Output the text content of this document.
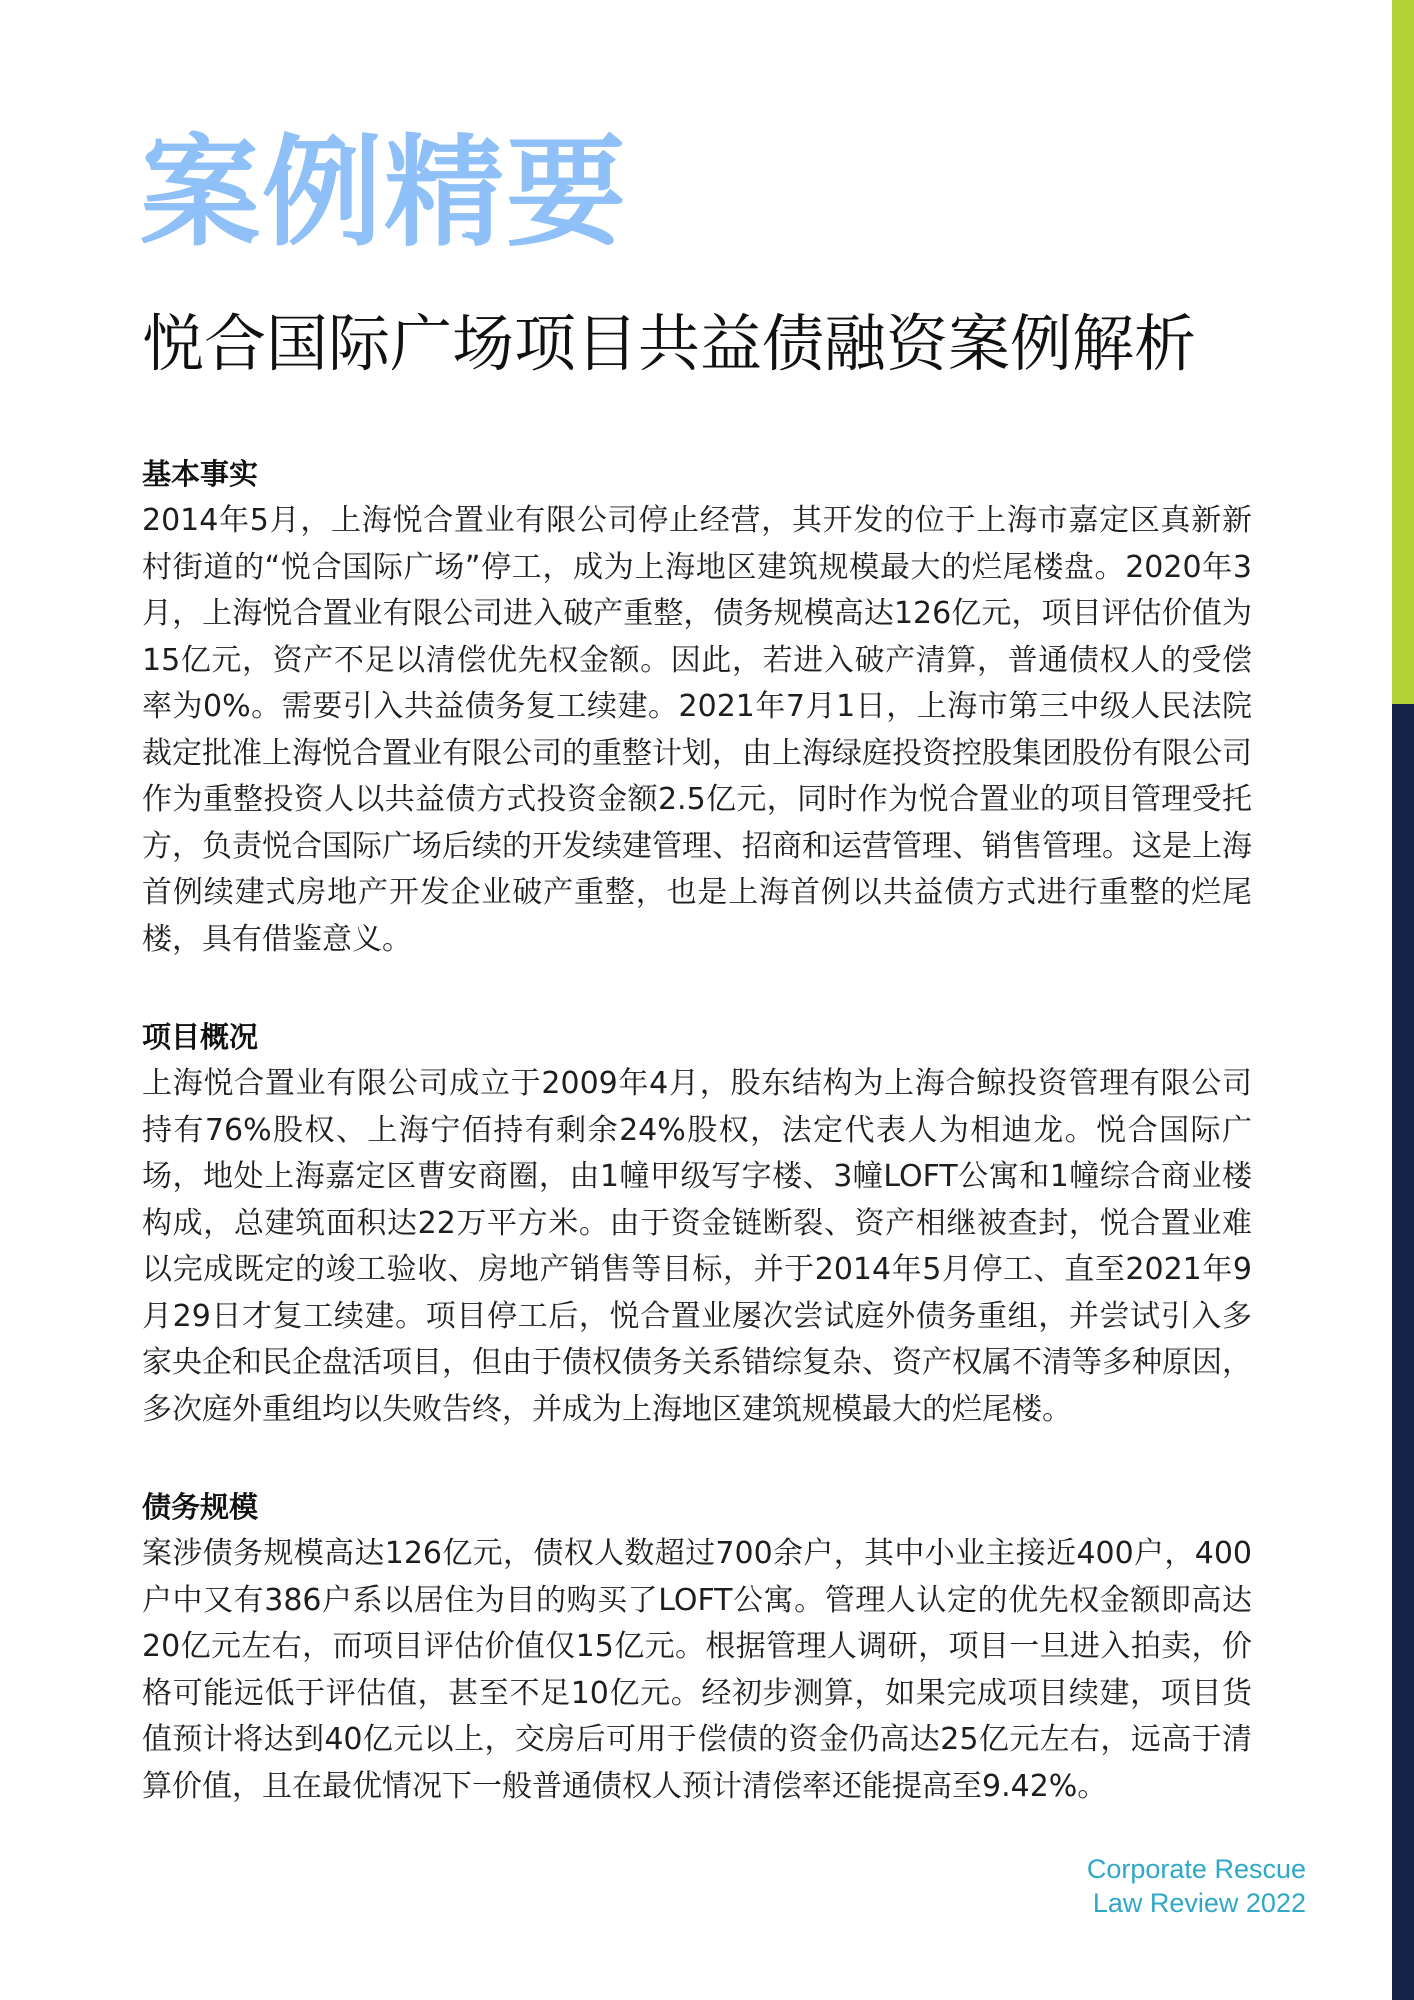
案例精要
悦合国际广场项目共益债融资案例解析
基本事实

2014年5月，上海悦合置业有限公司停止经营，其开发的位于上海市嘉定区真新新村街道的“悦合国际广场”停工，成为上海地区建筑规模最大的烂尾楼盘。2020年3月，上海悦合置业有限公司进入破产重整，债务规模高达126亿元，项目评估价值为15亿元，资产不足以清偿优先权金额。因此，若进入破产清算，普通债权人的受偿率为0%。需要引入共益债务复工续建。2021年7月1日，上海市第三中级人民法院裁定批准上海悦合置业有限公司的重整计划，由上海绿庭投资控股集团股份有限公司作为重整投资人以共益债方式投资金额2.5亿元，同时作为悦合置业的项目管理受托方，负责悦合国际广场后续的开发续建管理、招商和运营管理、销售管理。这是上海首例续建式房地产开发企业破产重整，也是上海首例以共益债方式进行重整的烂尾楼，具有借鉴意义。

项目概况

上海悦合置业有限公司成立于2009年4月，股东结构为上海合鲸投资管理有限公司持有76%股权、上海宁佰持有剩余24%股权，法定代表人为相迪龙。悦合国际广场，地处上海嘉定区曹安商圈，由1幢甲级写字楼、3幢LOFT公寓和1幢综合商业楼构成，总建筑面积达22万平方米。由于资金链断裂、资产相继被查封，悦合置业难以完成既定的竣工验收、房地产销售等目标，并于2014年5月停工、直至2021年9月29日才复工续建。项目停工后，悦合置业屡次尝试庭外债务重组，并尝试引入多家央企和民企盘活项目，但由于债权债务关系错综复杂、资产权属不清等多种原因，多次庭外重组均以失败告终，并成为上海地区建筑规模最大的烂尾楼。

债务规模

案涉债务规模高达126亿元，债权人数超过700余户，其中小业主接近400户，400户中又有386户系以居住为目的购买了LOFT公寓。管理人认定的优先权金额即高达20亿元左右，而项目评估价值仅15亿元。根据管理人调研，项目一旦进入拍卖，价格可能远低于评估值，甚至不足10亿元。经初步测算，如果完成项目续建，项目货值预计将达到40亿元以上，交房后可用于偿债的资金仍高达25亿元左右，远高于清算价值，且在最优情况下一般普通债权人预计清偿率还能提高至9.42%。

Corporate Rescue
Law Review 2022
